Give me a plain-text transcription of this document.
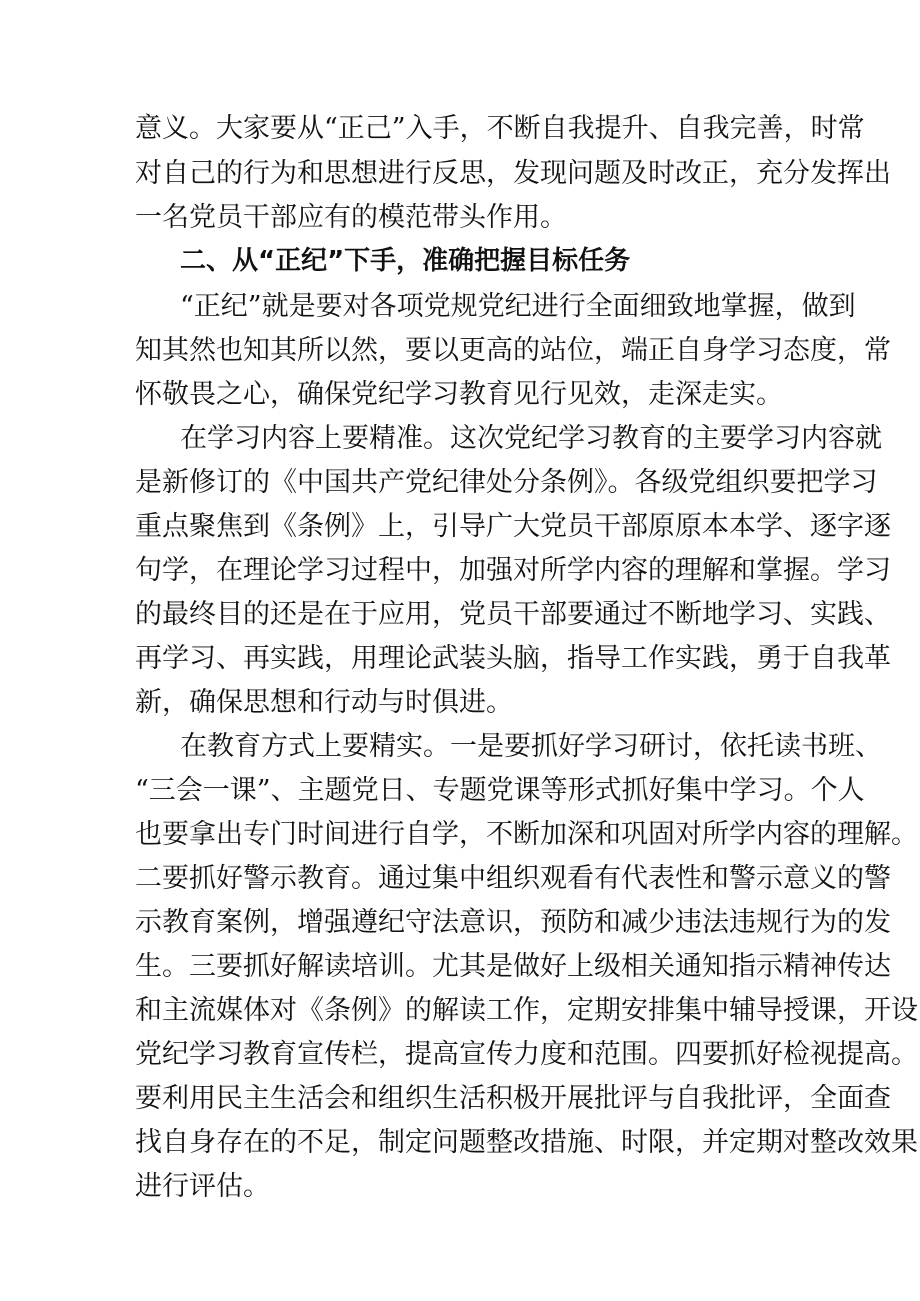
意义。大家要从“正己”入手，不断自我提升、自我完善，时常
对自己的行为和思想进行反思，发现问题及时改正，充分发挥出
一名党员干部应有的模范带头作用。
二、从“正纪”下手，准确把握目标任务
“正纪”就是要对各项党规党纪进行全面细致地掌握，做到
知其然也知其所以然，要以更高的站位，端正自身学习态度，常
怀敬畏之心，确保党纪学习教育见行见效，走深走实。
在学习内容上要精准。这次党纪学习教育的主要学习内容就
是新修订的《中国共产党纪律处分条例》。各级党组织要把学习
重点聚焦到《条例》上，引导广大党员干部原原本本学、逐字逐
句学，在理论学习过程中，加强对所学内容的理解和掌握。学习
的最终目的还是在于应用，党员干部要通过不断地学习、实践、
再学习、再实践，用理论武装头脑，指导工作实践，勇于自我革
新，确保思想和行动与时俱进。
在教育方式上要精实。一是要抓好学习研讨，依托读书班、
“三会一课”、主题党日、专题党课等形式抓好集中学习。个人
也要拿出专门时间进行自学，不断加深和巩固对所学内容的理解。
二要抓好警示教育。通过集中组织观看有代表性和警示意义的警
示教育案例，增强遵纪守法意识，预防和减少违法违规行为的发
生。三要抓好解读培训。尤其是做好上级相关通知指示精神传达
和主流媒体对《条例》的解读工作，定期安排集中辅导授课，开设
党纪学习教育宣传栏，提高宣传力度和范围。四要抓好检视提高。
要利用民主生活会和组织生活积极开展批评与自我批评，全面查
找自身存在的不足，制定问题整改措施、时限，并定期对整改效果
进行评估。
